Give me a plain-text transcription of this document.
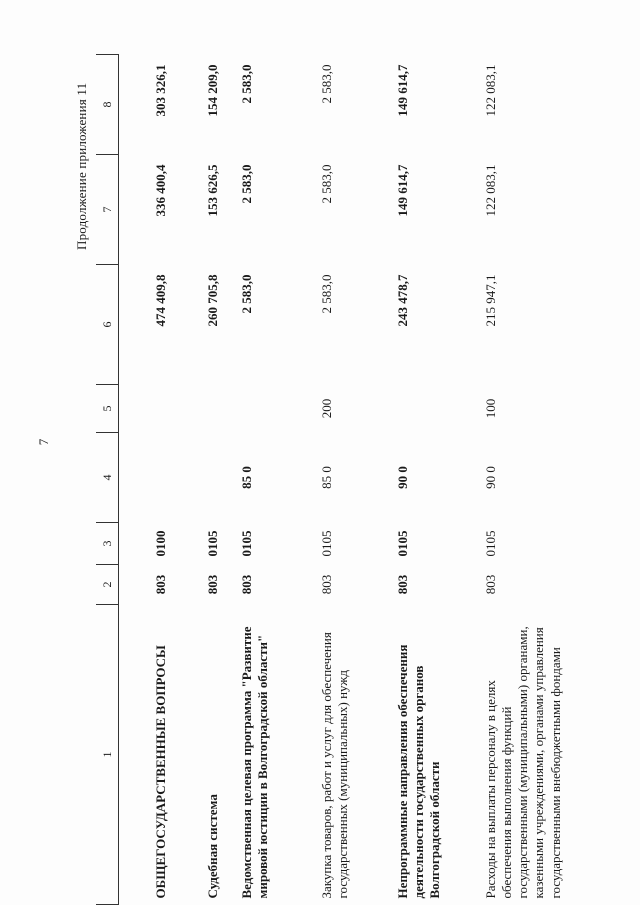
7
Продолжение приложения 11
1	2	3	4	5	6	7	8
ОБЩЕГОСУДАРСТВЕННЫЕ ВОПРОСЫ	803	0100			474 409,8	336 400,4	303 326,1
Судебная система	803	0105			260 705,8	153 626,5	154 209,0
Ведомственная целевая программа "Развитие мировой юстиции в Волгоградской области"	803	0105	85 0		2 583,0	2 583,0	2 583,0
Закупка товаров, работ и услуг для обеспечения государственных (муниципальных) нужд	803	0105	85 0	200	2 583,0	2 583,0	2 583,0
Непрограммные направления обеспечения деятельности государственных органов Волгоградской области	803	0105	90 0		243 478,7	149 614,7	149 614,7
Расходы на выплаты персоналу в целях обеспечения выполнения функций государственными (муниципальными) органами, казенными учреждениями, органами управления государственными внебюджетными фондами	803	0105	90 0	100	215 947,1	122 083,1	122 083,1
